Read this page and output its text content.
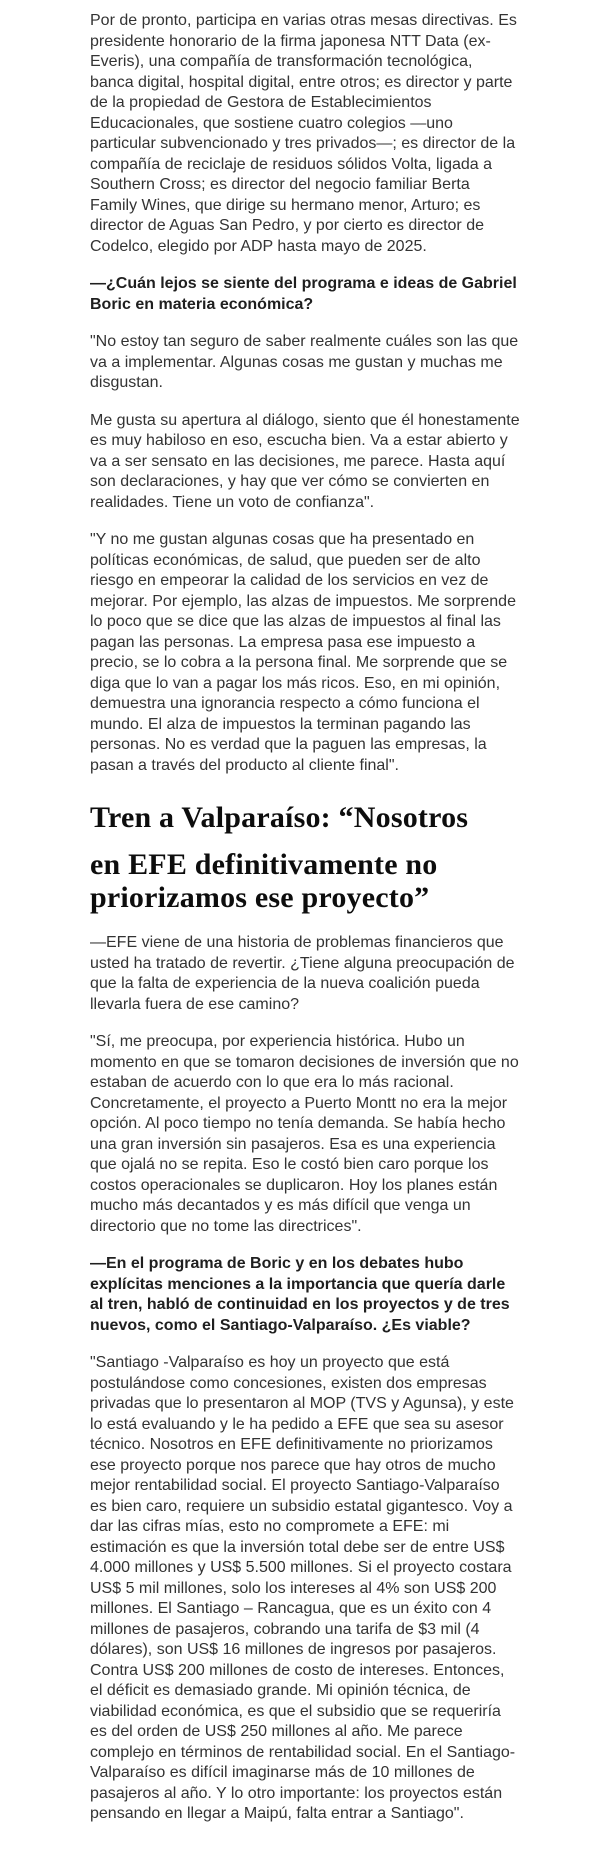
Por de pronto, participa en varias otras mesas directivas. Es presidente honorario de la firma japonesa NTT Data (ex-Everis), una compañía de transformación tecnológica, banca digital, hospital digital, entre otros; es director y parte de la propiedad de Gestora de Establecimientos Educacionales, que sostiene cuatro colegios —uno particular subvencionado y tres privados—; es director de la compañía de reciclaje de residuos sólidos Volta, ligada a Southern Cross; es director del negocio familiar Berta Family Wines, que dirige su hermano menor, Arturo; es director de Aguas San Pedro, y por cierto es director de Codelco, elegido por ADP hasta mayo de 2025.

—¿Cuán lejos se siente del programa e ideas de Gabriel Boric en materia económica?

"No estoy tan seguro de saber realmente cuáles son las que va a implementar. Algunas cosas me gustan y muchas me disgustan.

Me gusta su apertura al diálogo, siento que él honestamente es muy habiloso en eso, escucha bien. Va a estar abierto y va a ser sensato en las decisiones, me parece. Hasta aquí son declaraciones, y hay que ver cómo se convierten en realidades. Tiene un voto de confianza".

"Y no me gustan algunas cosas que ha presentado en políticas económicas, de salud, que pueden ser de alto riesgo en empeorar la calidad de los servicios en vez de mejorar. Por ejemplo, las alzas de impuestos. Me sorprende lo poco que se dice que las alzas de impuestos al final las pagan las personas. La empresa pasa ese impuesto a precio, se lo cobra a la persona final. Me sorprende que se diga que lo van a pagar los más ricos. Eso, en mi opinión, demuestra una ignorancia respecto a cómo funciona el mundo. El alza de impuestos la terminan pagando las personas. No es verdad que la paguen las empresas, la pasan a través del producto al cliente final".

Tren a Valparaíso: “Nosotros
en EFE definitivamente no priorizamos ese proyecto”

—EFE viene de una historia de problemas financieros que usted ha tratado de revertir. ¿Tiene alguna preocupación de que la falta de experiencia de la nueva coalición pueda llevarla fuera de ese camino?

"Sí, me preocupa, por experiencia histórica. Hubo un momento en que se tomaron decisiones de inversión que no estaban de acuerdo con lo que era lo más racional. Concretamente, el proyecto a Puerto Montt no era la mejor opción. Al poco tiempo no tenía demanda. Se había hecho una gran inversión sin pasajeros. Esa es una experiencia que ojalá no se repita. Eso le costó bien caro porque los costos operacionales se duplicaron. Hoy los planes están mucho más decantados y es más difícil que venga un directorio que no tome las directrices".

—En el programa de Boric y en los debates hubo explícitas menciones a la importancia que quería darle al tren, habló de continuidad en los proyectos y de tres nuevos, como el Santiago-Valparaíso. ¿Es viable?

"Santiago -Valparaíso es hoy un proyecto que está postulándose como concesiones, existen dos empresas privadas que lo presentaron al MOP (TVS y Agunsa), y este lo está evaluando y le ha pedido a EFE que sea su asesor técnico. Nosotros en EFE definitivamente no priorizamos ese proyecto porque nos parece que hay otros de mucho mejor rentabilidad social. El proyecto Santiago-Valparaíso es bien caro, requiere un subsidio estatal gigantesco. Voy a dar las cifras mías, esto no compromete a EFE: mi estimación es que la inversión total debe ser de entre US$ 4.000 millones y US$ 5.500 millones. Si el proyecto costara US$ 5 mil millones, solo los intereses al 4% son US$ 200 millones. El Santiago – Rancagua, que es un éxito con 4 millones de pasajeros, cobrando una tarifa de $3 mil (4 dólares), son US$ 16 millones de ingresos por pasajeros. Contra US$ 200 millones de costo de intereses. Entonces, el déficit es demasiado grande. Mi opinión técnica, de viabilidad económica, es que el subsidio que se requeriría es del orden de US$ 250 millones al año. Me parece complejo en términos de rentabilidad social. En el Santiago-Valparaíso es difícil imaginarse más de 10 millones de pasajeros al año. Y lo otro importante: los proyectos están pensando en llegar a Maipú, falta entrar a Santiago".
